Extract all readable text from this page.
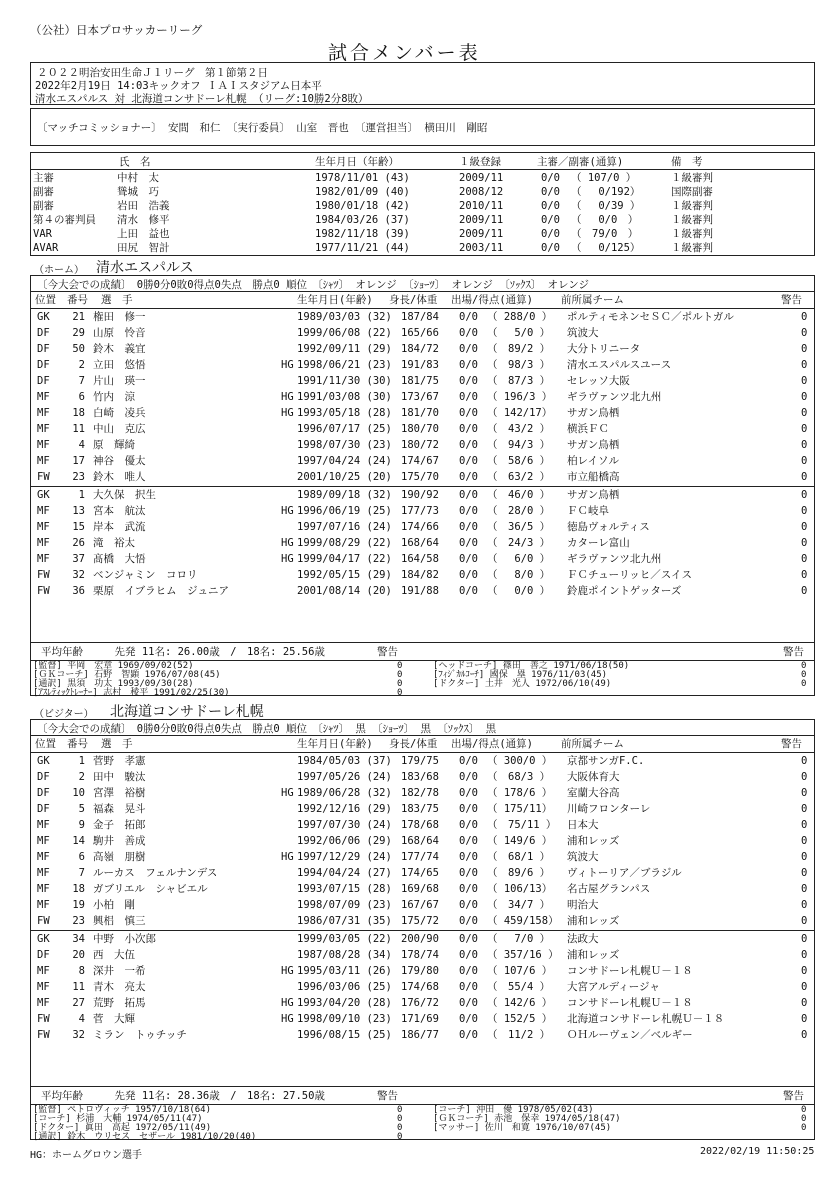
（公社）日本プロサッカーリーグ
試合メンバー表
２０２２明治安田生命Ｊ１リーグ　第１節第２日
2022年2月19日 14:03キックオフ ＩＡＩスタジアム日本平
清水エスパルス 対 北海道コンサドーレ札幌 （リーグ:10勝2分8敗）
〔マッチコミッショナー〕 安間　和仁 〔実行委員〕 山室　晋也 〔運営担当〕 横田川　剛昭
氏　名	生年月日（年齢）	１級登録	主審／副審(通算)	備　考
主審	中村　太	1978/11/01 (43)	2009/11	0/0 （ 107/0 ）	１級審判
副審	聳城　巧	1982/01/09 (40)	2008/12	0/0 （　 0/192）	国際副審
副審	岩田　浩義	1980/01/18 (42)	2010/11	0/0 （　 0/39 ）	１級審判
第４の審判員 清水　修平	1984/03/26 (37)	2009/11	0/0 （　 0/0　）	１級審判
VAR	上田　益也	1982/11/18 (39)	2009/11	0/0 （　79/0　）	１級審判
AVAR	田尻　智計	1977/11/21 (44)	2003/11	0/0 （　 0/125）	１級審判
（ホーム） 清水エスパルス
〔今大会での成績〕　0勝0分0敗0得点0失点　勝点0 順位　〔ｼｬﾂ〕 オレンジ 〔ｼｮｰﾂ〕 オレンジ 〔ｿｯｸｽ〕 オレンジ
位置 番号 選　手	生年月日(年齢) 身長/体重 出場/得点(通算)	前所属チーム	警告
GK	21 権田　修一	1989/03/03 (32) 187/84 0/0 （ 288/0 ） ポルティモネンセＳＣ／ポルトガル	0
DF	29 山原　怜音	1999/06/08 (22) 165/66 0/0 （　 5/0 ） 筑波大	0
DF	50 鈴木　義宜	1992/09/11 (29) 184/72 0/0 （　89/2 ） 大分トリニータ	0
DF	2 立田　悠悟	HG 1998/06/21 (23) 191/83 0/0 （　98/3 ） 清水エスパルスユース	0
DF	7 片山　瑛一	1991/11/30 (30) 181/75 0/0 （　87/3 ） セレッソ大阪	0
MF	6 竹内　涼	HG 1991/03/08 (30) 173/67 0/0 （ 196/3 ） ギラヴァンツ北九州	0
MF	18 白崎　凌兵	HG 1993/05/18 (28) 181/70 0/0 （ 142/17） サガン鳥栖	0
MF	11 中山　克広	1996/07/17 (25) 180/70 0/0 （　43/2 ） 横浜ＦＣ	0
MF	4 原　輝綺	1998/07/30 (23) 180/72 0/0 （　94/3 ） サガン鳥栖	0
MF	17 神谷　優太	1997/04/24 (24) 174/67 0/0 （　58/6 ） 柏レイソル	0
FW	23 鈴木　唯人	2001/10/25 (20) 175/70 0/0 （　63/2 ） 市立船橋高	0
GK	1 大久保　択生	1989/09/18 (32) 190/92 0/0 （　46/0 ） サガン鳥栖	0
MF	13 宮本　航汰	HG 1996/06/19 (25) 177/73 0/0 （　28/0 ） ＦＣ岐阜	0
MF	15 岸本　武流	1997/07/16 (24) 174/66 0/0 （　36/5 ） 徳島ヴォルティス	0
MF	26 滝　裕太	HG 1999/08/29 (22) 168/64 0/0 （　24/3 ） カターレ富山	0
MF	37 髙橋　大悟	HG 1999/04/17 (22) 164/58 0/0 （　 6/0 ） ギラヴァンツ北九州	0
FW	32 ベンジャミン　コロリ	1992/05/15 (29) 184/82 0/0 （　 8/0 ） ＦＣチューリッヒ／スイス	0
FW	36 栗原　イブラヒム　ジュニア	2001/08/14 (20) 191/88 0/0 （　 0/0 ） 鈴鹿ポイントゲッターズ	0
平均年齢　　　先発 11名: 26.00歳　/　18名: 25.56歳	警告	警告
[監督] 平岡　宏章 1969/09/02(52)	0
[ＧＫコーチ] 石野　智顕 1976/07/08(45)	0
[通訳] 黒須　功太 1993/09/30(28)	0
[ｱｽﾚﾃｨｯｸﾄﾚｰﾅｰ] 志村　稜平 1991/02/25(30)	0
[ヘッドコーチ] 篠田　善之 1971/06/18(50)	0
[ﾌｨｼﾞｶﾙｺｰﾁ] 國保　塁 1976/11/03(45)	0
[ドクター] 土井　光人 1972/06/10(49)	0
（ビジター） 北海道コンサドーレ札幌
〔今大会での成績〕　0勝0分0敗0得点0失点　勝点0 順位　〔ｼｬﾂ〕 黒 〔ｼｮｰﾂ〕 黒 〔ｿｯｸｽ〕 黒
位置 番号 選　手	生年月日(年齢) 身長/体重 出場/得点(通算)	前所属チーム	警告
GK	1 菅野　孝憲	1984/05/03 (37) 179/75 0/0 （ 300/0 ） 京都サンガF.C.	0
DF	2 田中　駿汰	1997/05/26 (24) 183/68 0/0 （　68/3 ） 大阪体育大	0
DF	10 宮澤　裕樹	HG 1989/06/28 (32) 182/78 0/0 （ 178/6 ） 室蘭大谷高	0
DF	5 福森　晃斗	1992/12/16 (29) 183/75 0/0 （ 175/11） 川崎フロンターレ	0
MF	9 金子　拓郎	1997/07/30 (24) 178/68 0/0 （　75/11 ） 日本大	0
MF	14 駒井　善成	1992/06/06 (29) 168/64 0/0 （ 149/6 ） 浦和レッズ	0
MF	6 高嶺　朋樹	HG 1997/12/29 (24) 177/74 0/0 （　68/1 ） 筑波大	0
MF	7 ルーカス　フェルナンデス	1994/04/24 (27) 174/65 0/0 （　89/6 ） ヴィトーリア／ブラジル	0
MF	18 ガブリエル　シャビエル	1993/07/15 (28) 169/68 0/0 （ 106/13） 名古屋グランパス	0
MF	19 小柏　剛	1998/07/09 (23) 167/67 0/0 （　34/7 ） 明治大	0
FW	23 興梠　慎三	1986/07/31 (35) 175/72 0/0 （ 459/158） 浦和レッズ	0
GK	34 中野　小次郎	1999/03/05 (22) 200/90 0/0 （　 7/0 ） 法政大	0
DF	20 西　大伍	1987/08/28 (34) 178/74 0/0 （ 357/16 ） 浦和レッズ	0
MF	8 深井　一希	HG 1995/03/11 (26) 179/80 0/0 （ 107/6 ） コンサドーレ札幌Ｕ－１８	0
MF	11 青木　亮太	1996/03/06 (25) 174/68 0/0 （　55/4 ） 大宮アルディージャ	0
MF	27 荒野　拓馬	HG 1993/04/20 (28) 176/72 0/0 （ 142/6 ） コンサドーレ札幌Ｕ－１８	0
FW	4 菅　大輝	HG 1998/09/10 (23) 171/69 0/0 （ 152/5 ） 北海道コンサドーレ札幌Ｕ－１８	0
FW	32 ミラン　トゥチッチ	1996/08/15 (25) 186/77 0/0 （　11/2 ） ＯＨルーヴェン／ベルギー	0
平均年齢　　　先発 11名: 28.36歳　/　18名: 27.50歳	警告	警告
[監督] ペトロヴィッチ 1957/10/18(64)	0
[コーチ] 杉浦　大輔 1974/05/11(47)	0
[ドクター] 眞田　高起 1972/05/11(49)	0
[通訳] 鈴木　ウリセス　セザール 1981/10/20(40)	0
[コーチ] 沖田　優 1978/05/02(43)	0
[ＧＫコーチ] 赤池　保幸 1974/05/18(47)	0
[マッサー] 佐川　和寛 1976/10/07(45)	0
HG：ホームグロウン選手	2022/02/19 11:50:25
